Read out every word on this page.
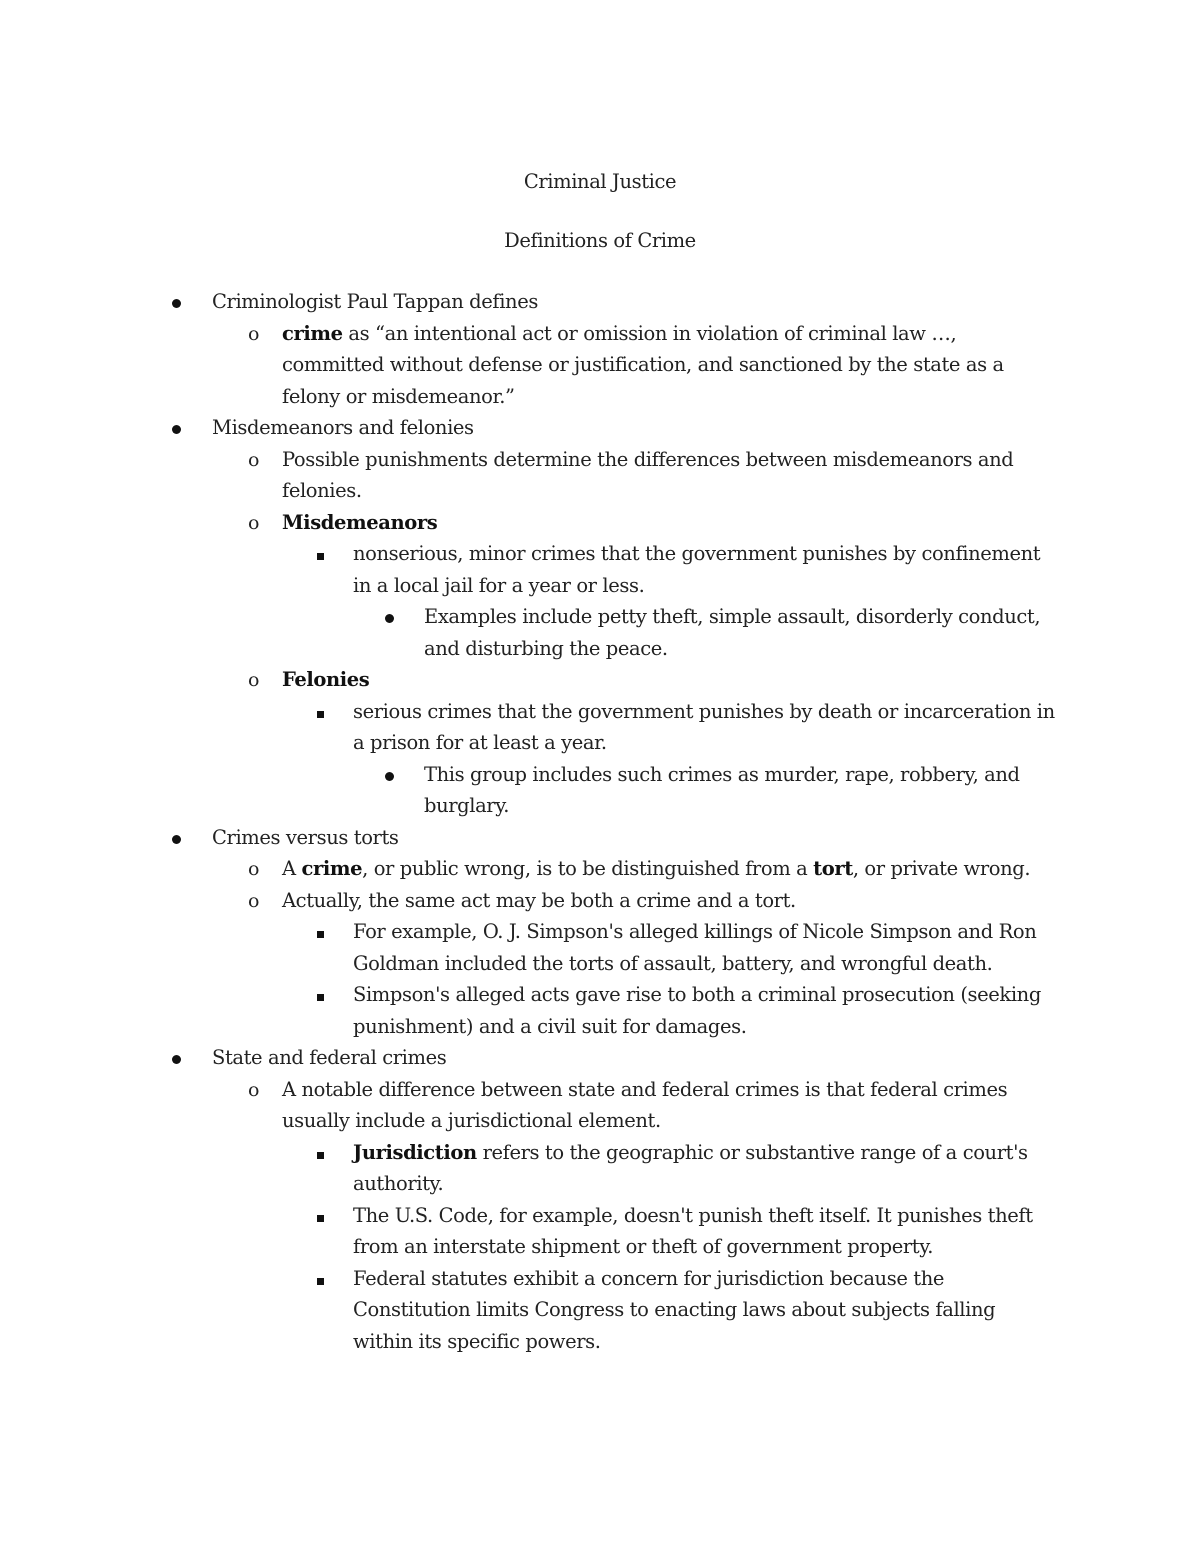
Criminal Justice
Definitions of Crime
Criminologist Paul Tappan defines
o crime as “an intentional act or omission in violation of criminal law …, committed without defense or justification, and sanctioned by the state as a felony or misdemeanor.”
Misdemeanors and felonies
o Possible punishments determine the differences between misdemeanors and felonies.
o Misdemeanors
nonserious, minor crimes that the government punishes by confinement in a local jail for a year or less.
Examples include petty theft, simple assault, disorderly conduct, and disturbing the peace.
o Felonies
serious crimes that the government punishes by death or incarceration in a prison for at least a year.
This group includes such crimes as murder, rape, robbery, and burglary.
Crimes versus torts
o A crime, or public wrong, is to be distinguished from a tort, or private wrong.
o Actually, the same act may be both a crime and a tort.
For example, O. J. Simpson's alleged killings of Nicole Simpson and Ron Goldman included the torts of assault, battery, and wrongful death.
Simpson's alleged acts gave rise to both a criminal prosecution (seeking punishment) and a civil suit for damages.
State and federal crimes
o A notable difference between state and federal crimes is that federal crimes usually include a jurisdictional element.
Jurisdiction refers to the geographic or substantive range of a court's authority.
The U.S. Code, for example, doesn't punish theft itself. It punishes theft from an interstate shipment or theft of government property.
Federal statutes exhibit a concern for jurisdiction because the Constitution limits Congress to enacting laws about subjects falling within its specific powers.
